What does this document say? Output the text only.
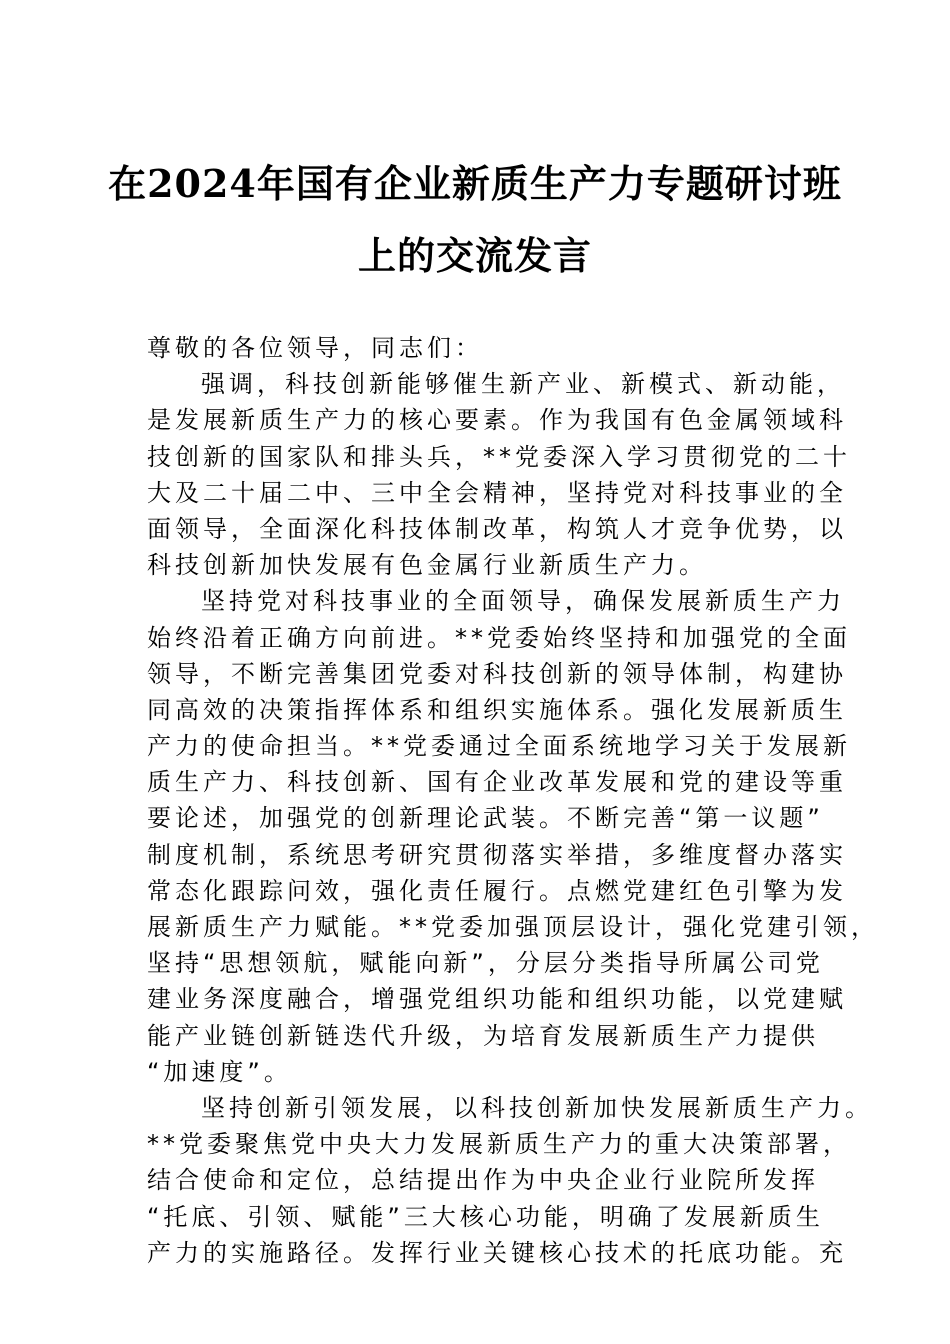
在2024年国有企业新质生产力专题研讨班
上的交流发言

尊敬的各位领导，同志们：

强调，科技创新能够催生新产业、新模式、新动能，

是发展新质生产力的核心要素。作为我国有色金属领域科

技创新的国家队和排头兵，**党委深入学习贯彻党的二十

大及二十届二中、三中全会精神，坚持党对科技事业的全

面领导，全面深化科技体制改革，构筑人才竞争优势，以

科技创新加快发展有色金属行业新质生产力。

坚持党对科技事业的全面领导，确保发展新质生产力

始终沿着正确方向前进。**党委始终坚持和加强党的全面

领导，不断完善集团党委对科技创新的领导体制，构建协

同高效的决策指挥体系和组织实施体系。强化发展新质生

产力的使命担当。**党委通过全面系统地学习关于发展新

质生产力、科技创新、国有企业改革发展和党的建设等重

要论述，加强党的创新理论武装。不断完善“第一议题”

制度机制，系统思考研究贯彻落实举措，多维度督办落实

常态化跟踪问效，强化责任履行。点燃党建红色引擎为发

展新质生产力赋能。**党委加强顶层设计，强化党建引领，

坚持“思想领航，赋能向新”，分层分类指导所属公司党

建业务深度融合，增强党组织功能和组织功能，以党建赋

能产业链创新链迭代升级，为培育发展新质生产力提供

“加速度”。

坚持创新引领发展，以科技创新加快发展新质生产力。

**党委聚焦党中央大力发展新质生产力的重大决策部署，

结合使命和定位，总结提出作为中央企业行业院所发挥

“托底、引领、赋能”三大核心功能，明确了发展新质生

产力的实施路径。发挥行业关键核心技术的托底功能。充
